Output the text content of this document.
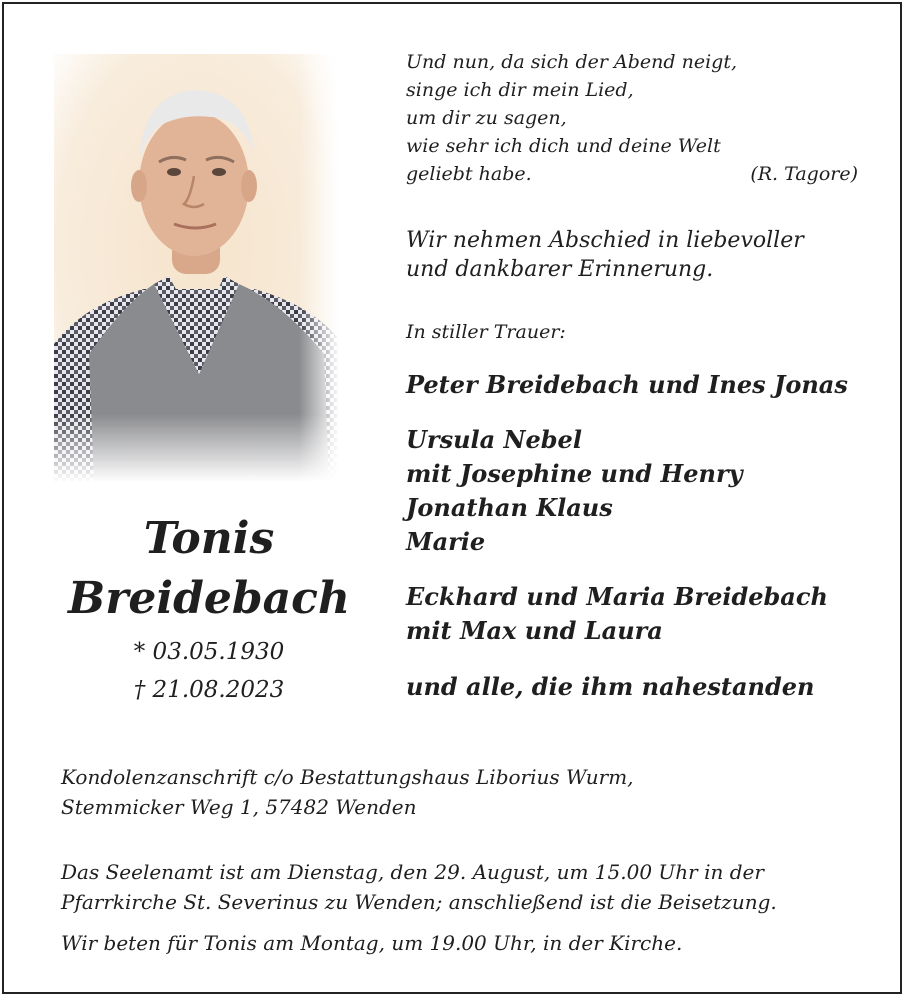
Tonis
Breidebach
* 03.05.1930
† 21.08.2023
Und nun, da sich der Abend neigt,
singe ich dir mein Lied,
um dir zu sagen,
wie sehr ich dich und deine Welt
geliebt habe.	(R. Tagore)
Wir nehmen Abschied in liebevoller
und dankbarer Erinnerung.
In stiller Trauer:
Peter Breidebach und Ines Jonas
Ursula Nebel
mit Josephine und Henry
Jonathan Klaus
Marie
Eckhard und Maria Breidebach
mit Max und Laura
und alle, die ihm nahestanden
Kondolenzanschrift c/o Bestattungshaus Liborius Wurm,
Stemmicker Weg 1, 57482 Wenden
Das Seelenamt ist am Dienstag, den 29. August, um 15.00 Uhr in der
Pfarrkirche St. Severinus zu Wenden; anschließend ist die Beisetzung.
Wir beten für Tonis am Montag, um 19.00 Uhr, in der Kirche.
